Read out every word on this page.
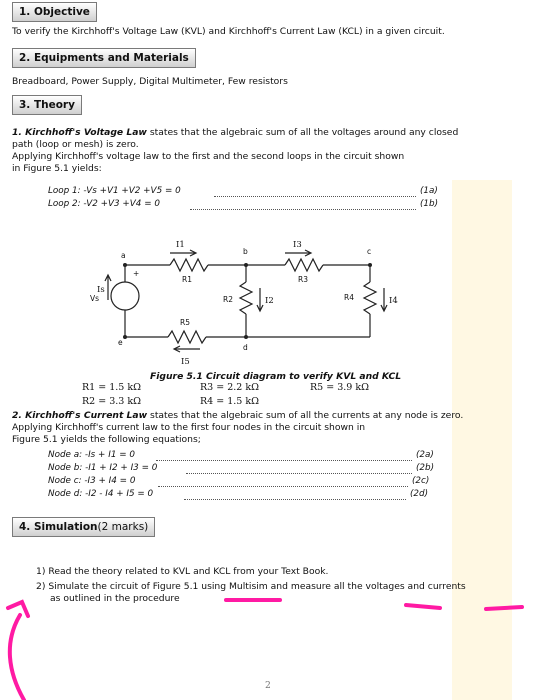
1. Objective
To verify the Kirchhoff's Voltage Law (KVL) and Kirchhoff's Current Law (KCL) in a given circuit.
2. Equipments and Materials
Breadboard, Power Supply, Digital Multimeter, Few resistors
3. Theory
1. Kirchhoff's Voltage Law states that the algebraic sum of all the voltages around any closed
path (loop or mesh) is zero.
Applying Kirchhoff's voltage law to the first and the second loops in the circuit shown
in Figure 5.1 yields:
Loop 1: -Vs +V1 +V2 +V5 = 0	(1a)
Loop 2: -V2 +V3 +V4 = 0	(1b)
a	b	c
d
e
R1
R2
R3
R4
R5
Vs
+
I1
Is
I2
I3
I4
I5
Figure 5.1 Circuit diagram to verify KVL and KCL
R1 = 1.5 kΩ	R3 = 2.2 kΩ	R5 = 3.9 kΩ
R2 = 3.3 kΩ	R4 = 1.5 kΩ
2. Kirchhoff's Current Law states that the algebraic sum of all the currents at any node is zero.
Applying Kirchhoff's current law to the first four nodes in the circuit shown in
Figure 5.1 yields the following equations;
Node a: -Is + I1 = 0	(2a)
Node b: -I1 + I2 + I3 = 0	(2b)
Node c: -I3 + I4 = 0	(2c)
Node d: -I2 - I4 + I5 = 0	(2d)
4. Simulation(2 marks)
1) Read the theory related to KVL and KCL from your Text Book.
2) Simulate the circuit of Figure 5.1 using Multisim and measure all the voltages and currents
as outlined in the procedure
2
